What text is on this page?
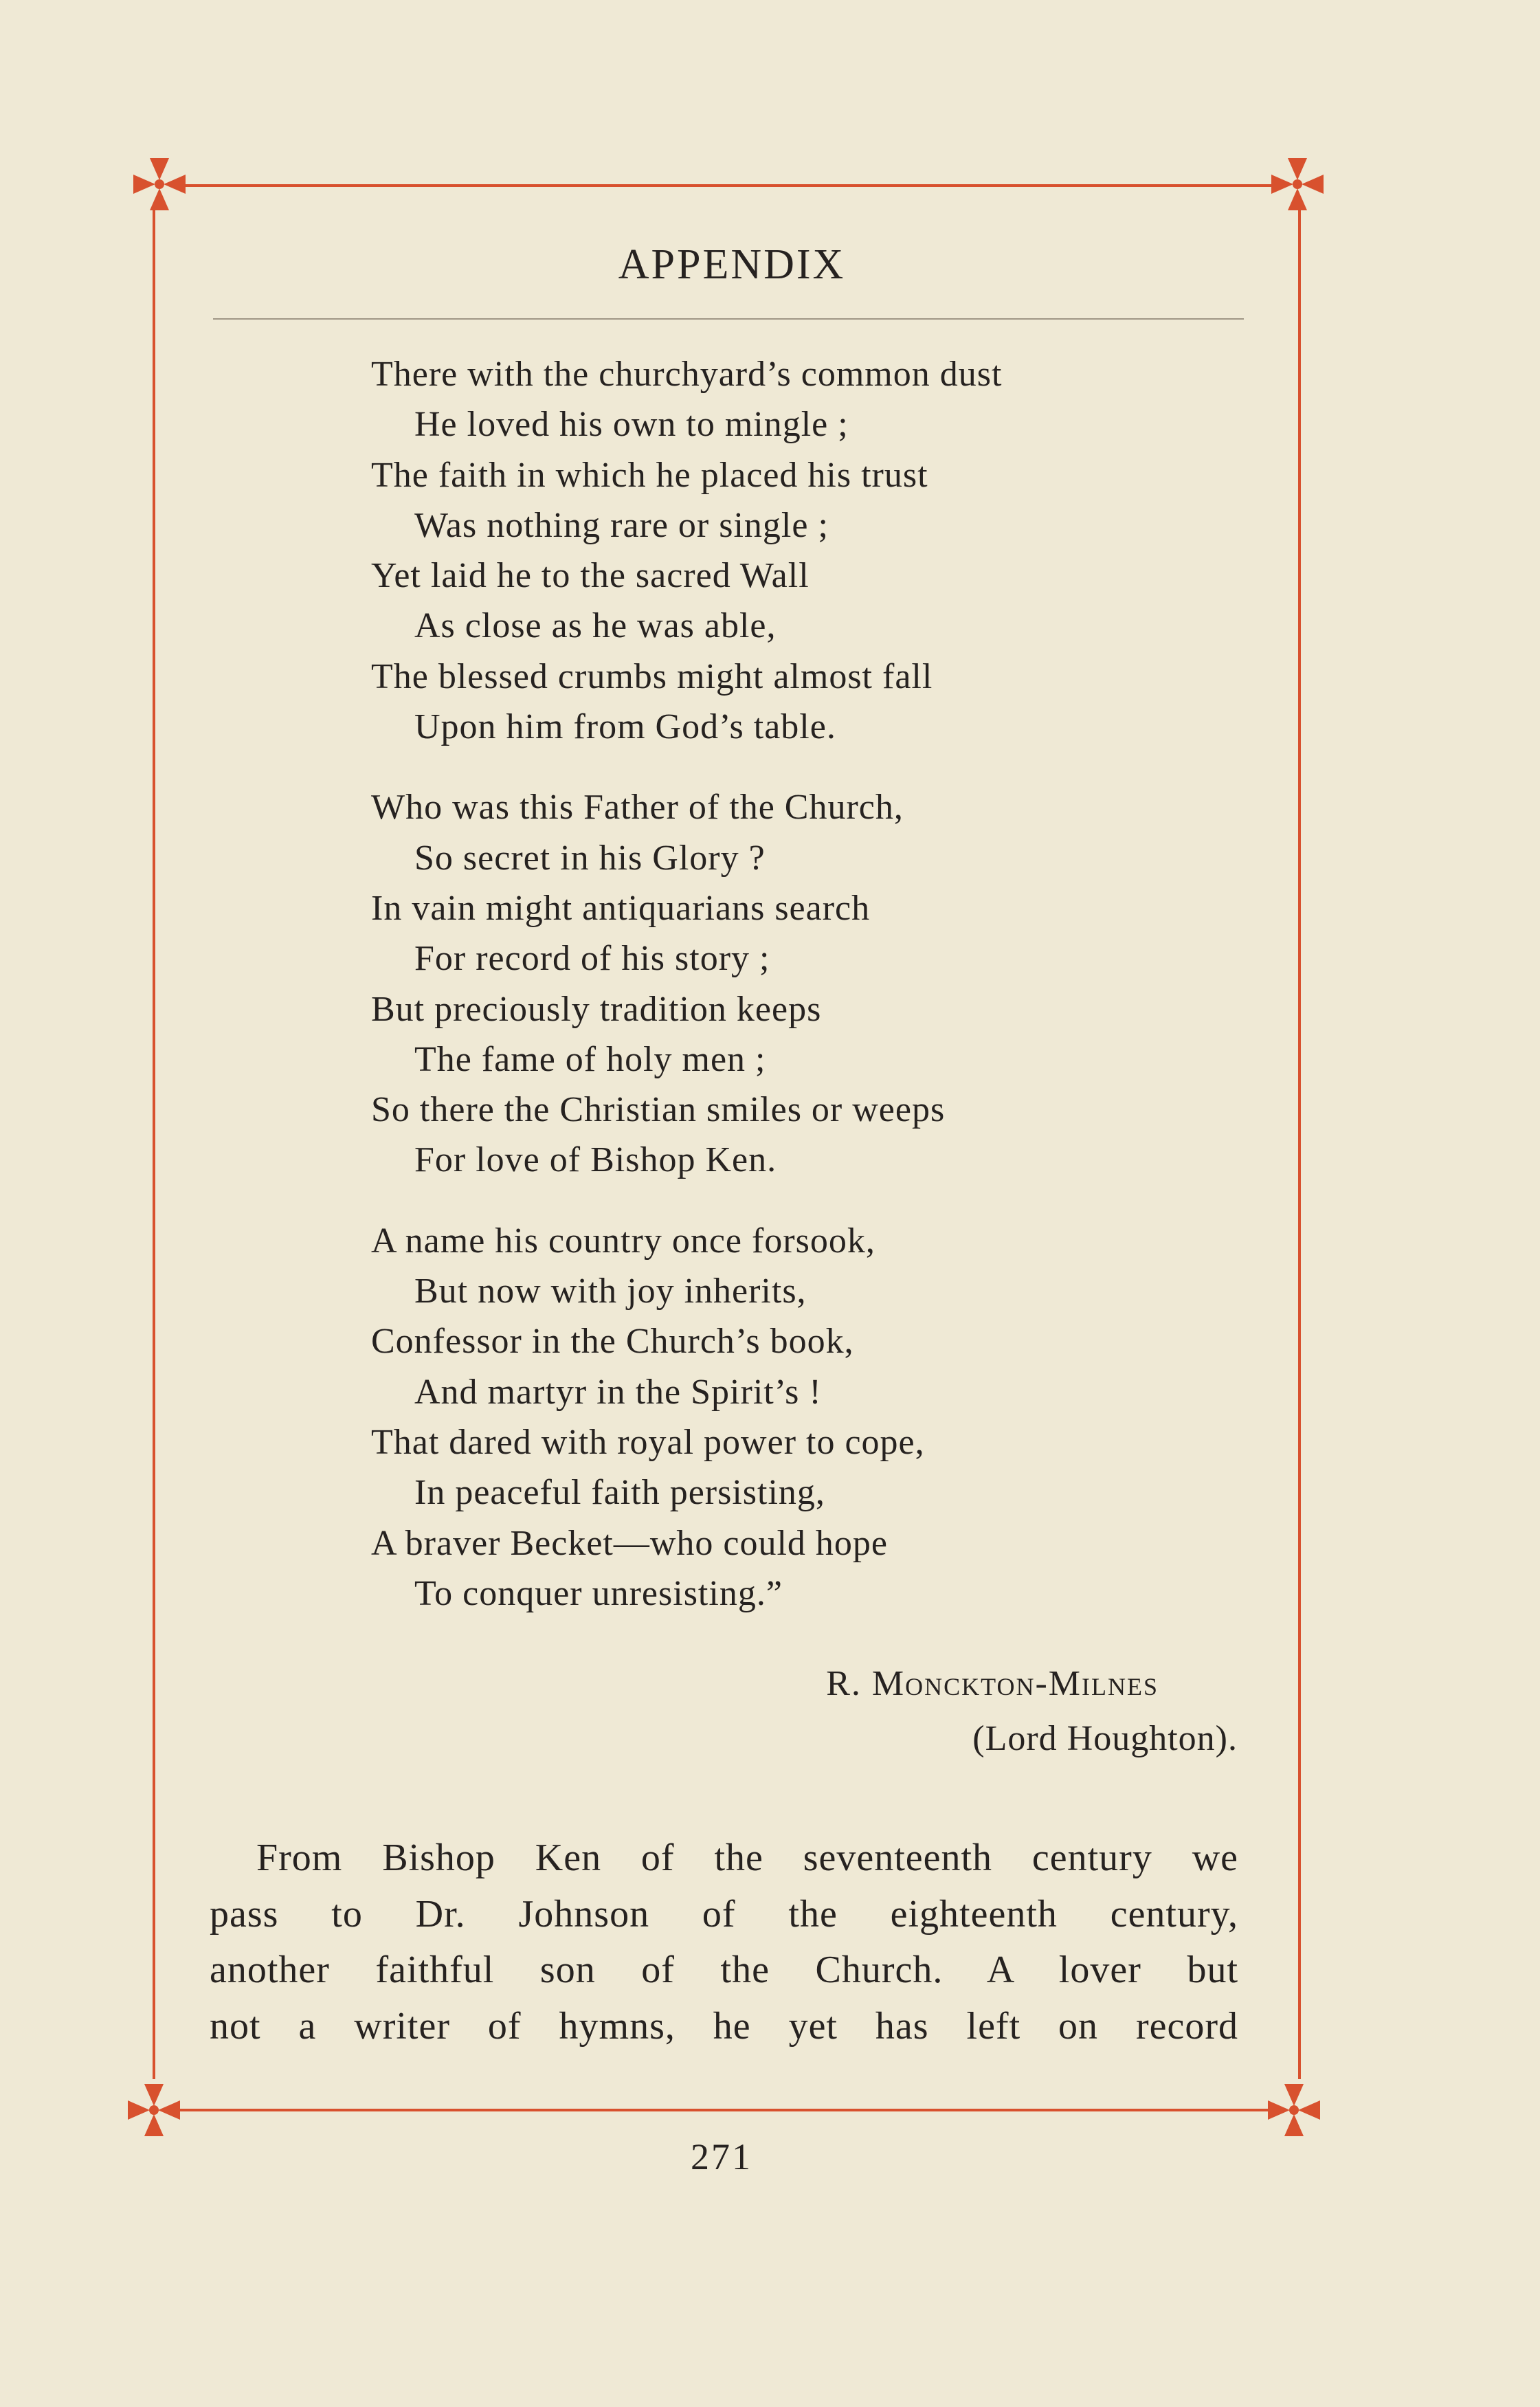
APPENDIX
There with the churchyard’s common dust
He loved his own to mingle ;
The faith in which he placed his trust
Was nothing rare or single ;
Yet laid he to the sacred Wall
As close as he was able,
The blessed crumbs might almost fall
Upon him from God’s table.
Who was this Father of the Church,
So secret in his Glory ?
In vain might antiquarians search
For record of his story ;
But preciously tradition keeps
The fame of holy men ;
So there the Christian smiles or weeps
For love of Bishop Ken.
A name his country once forsook,
But now with joy inherits,
Confessor in the Church’s book,
And martyr in the Spirit’s !
That dared with royal power to cope,
In peaceful faith persisting,
A braver Becket—who could hope
To conquer unresisting.”
R. Monckton-Milnes
(Lord Houghton).
From Bishop Ken of the seventeenth century we
pass to Dr. Johnson of the eighteenth century,
another faithful son of the Church. A lover but
not a writer of hymns, he yet has left on record
271
